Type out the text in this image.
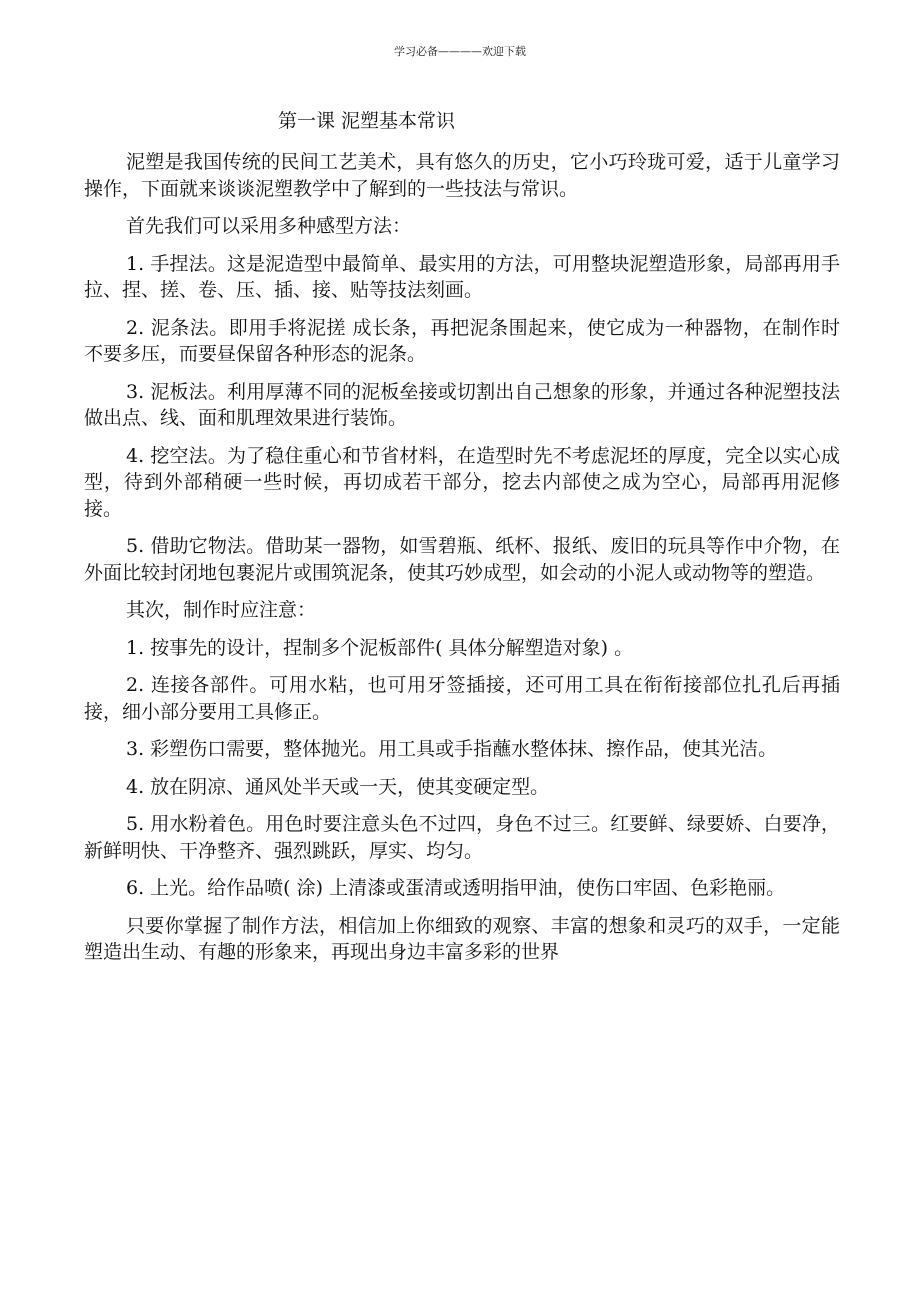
学习必备————欢迎下载
第一课 泥塑基本常识

泥塑是我国传统的民间工艺美术，具有悠久的历史，它小巧玲珑可爱，适于儿童学习操作，下面就来谈谈泥塑教学中了解到的一些技法与常识。

首先我们可以采用多种感型方法：

1. 手捏法。这是泥造型中最简单、最实用的方法，可用整块泥塑造形象，局部再用手拉、捏、搓、卷、压、插、接、贴等技法刻画。

2. 泥条法。即用手将泥搓 成长条，再把泥条围起来，使它成为一种器物，在制作时不要多压，而要昼保留各种形态的泥条。

3. 泥板法。利用厚薄不同的泥板垒接或切割出自己想象的形象，并通过各种泥塑技法做出点、线、面和肌理效果进行装饰。

4. 挖空法。为了稳住重心和节省材料，在造型时先不考虑泥坯的厚度，完全以实心成型，待到外部稍硬一些时候，再切成若干部分，挖去内部使之成为空心，局部再用泥修接。

5. 借助它物法。借助某一器物，如雪碧瓶、纸杯、报纸、废旧的玩具等作中介物，在外面比较封闭地包裹泥片或围筑泥条，使其巧妙成型，如会动的小泥人或动物等的塑造。

其次，制作时应注意：

1. 按事先的设计，捏制多个泥板部件( 具体分解塑造对象) 。

2. 连接各部件。可用水粘，也可用牙签插接，还可用工具在衔衔接部位扎孔后再插接，细小部分要用工具修正。

3. 彩塑伤口需要，整体抛光。用工具或手指蘸水整体抹、擦作品，使其光洁。

4. 放在阴凉、通风处半天或一天，使其变硬定型。

5. 用水粉着色。用色时要注意头色不过四，身色不过三。红要鲜、绿要娇、白要净，新鲜明快、干净整齐、强烈跳跃，厚实、均匀。

6. 上光。给作品喷( 涂) 上清漆或蛋清或透明指甲油，使伤口牢固、色彩艳丽。

只要你掌握了制作方法，相信加上你细致的观察、丰富的想象和灵巧的双手，一定能塑造出生动、有趣的形象来，再现出身边丰富多彩的世界
